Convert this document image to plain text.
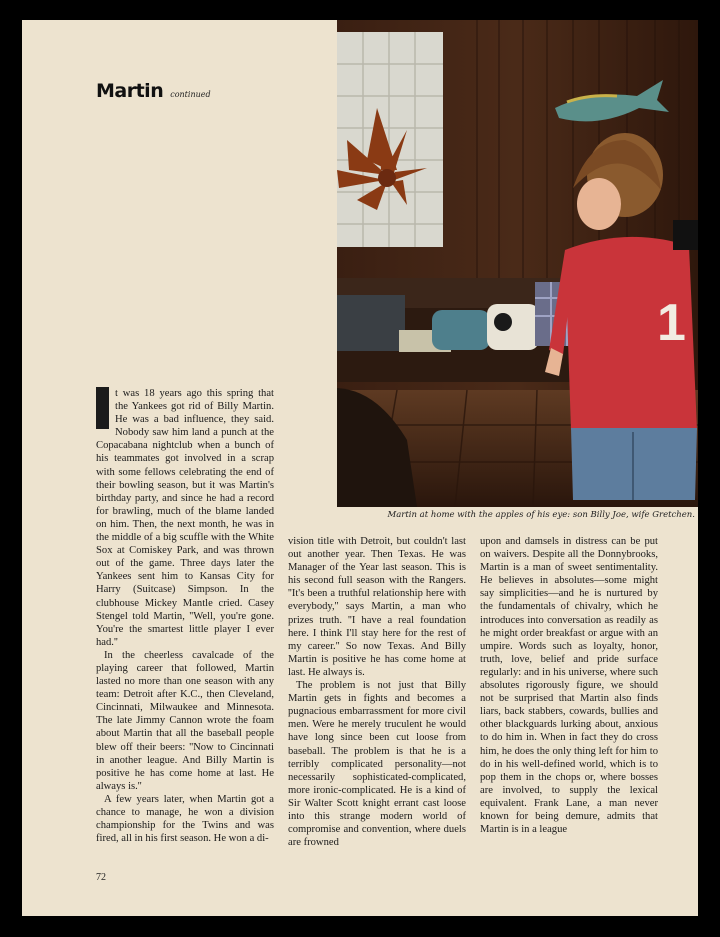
Martin continued
1
Martin at home with the apples of his eye: son Billy Joe, wife Gretchen.

t was 18 years ago this spring that the Yankees got rid of Billy Martin. He was a bad influence, they said. Nobody saw him land a punch at the Copacabana nightclub when a bunch of his teammates got involved in a scrap with some fellows celebrating the end of their bowling season, but it was Martin's birthday party, and since he had a record for brawling, much of the blame landed on him. Then, the next month, he was in the middle of a big scuffle with the White Sox at Comiskey Park, and was thrown out of the game. Three days later the Yankees sent him to Kansas City for Harry (Suitcase) Simpson. In the clubhouse Mickey Mantle cried. Casey Stengel told Martin, ''Well, you're gone. You're the smartest little player I ever had.''

In the cheerless cavalcade of the playing career that followed, Martin lasted no more than one season with any team: Detroit after K.C., then Cleveland, Cincinnati, Milwaukee and Minnesota. The late Jimmy Cannon wrote the foam about Martin that all the baseball people blew off their beers: ''Now to Cincinnati in another league. And Billy Martin is positive he has come home at last. He always is.''

A few years later, when Martin got a chance to manage, he won a division championship for the Twins and was fired, all in his first season. He won a di-

vision title with Detroit, but couldn't last out another year. Then Texas. He was Manager of the Year last season. This is his second full season with the Rangers. ''It's been a truthful relationship here with everybody,'' says Martin, a man who prizes truth. ''I have a real foundation here. I think I'll stay here for the rest of my career.'' So now Texas. And Billy Martin is positive he has come home at last. He always is.

The problem is not just that Billy Martin gets in fights and becomes a pugnacious embarrassment for more civil men. Were he merely truculent he would have long since been cut loose from baseball. The problem is that he is a terribly complicated personality—not necessarily sophisticated-complicated, more ironic-complicated. He is a kind of Sir Walter Scott knight errant cast loose into this strange modern world of compromise and convention, where duels are frowned

upon and damsels in distress can be put on waivers. Despite all the Donnybrooks, Martin is a man of sweet sentimentality. He believes in absolutes—some might say simplicities—and he is nurtured by the fundamentals of chivalry, which he introduces into conversation as readily as he might order breakfast or argue with an umpire. Words such as loyalty, honor, truth, love, belief and pride surface regularly: and in his universe, where such absolutes rigorously figure, we should not be surprised that Martin also finds liars, back stabbers, cowards, bullies and other blackguards lurking about, anxious to do him in. When in fact they do cross him, he does the only thing left for him to do in his well-defined world, which is to pop them in the chops or, where bosses are involved, to supply the lexical equivalent. Frank Lane, a man never known for being demure, admits that Martin is in a league

72
